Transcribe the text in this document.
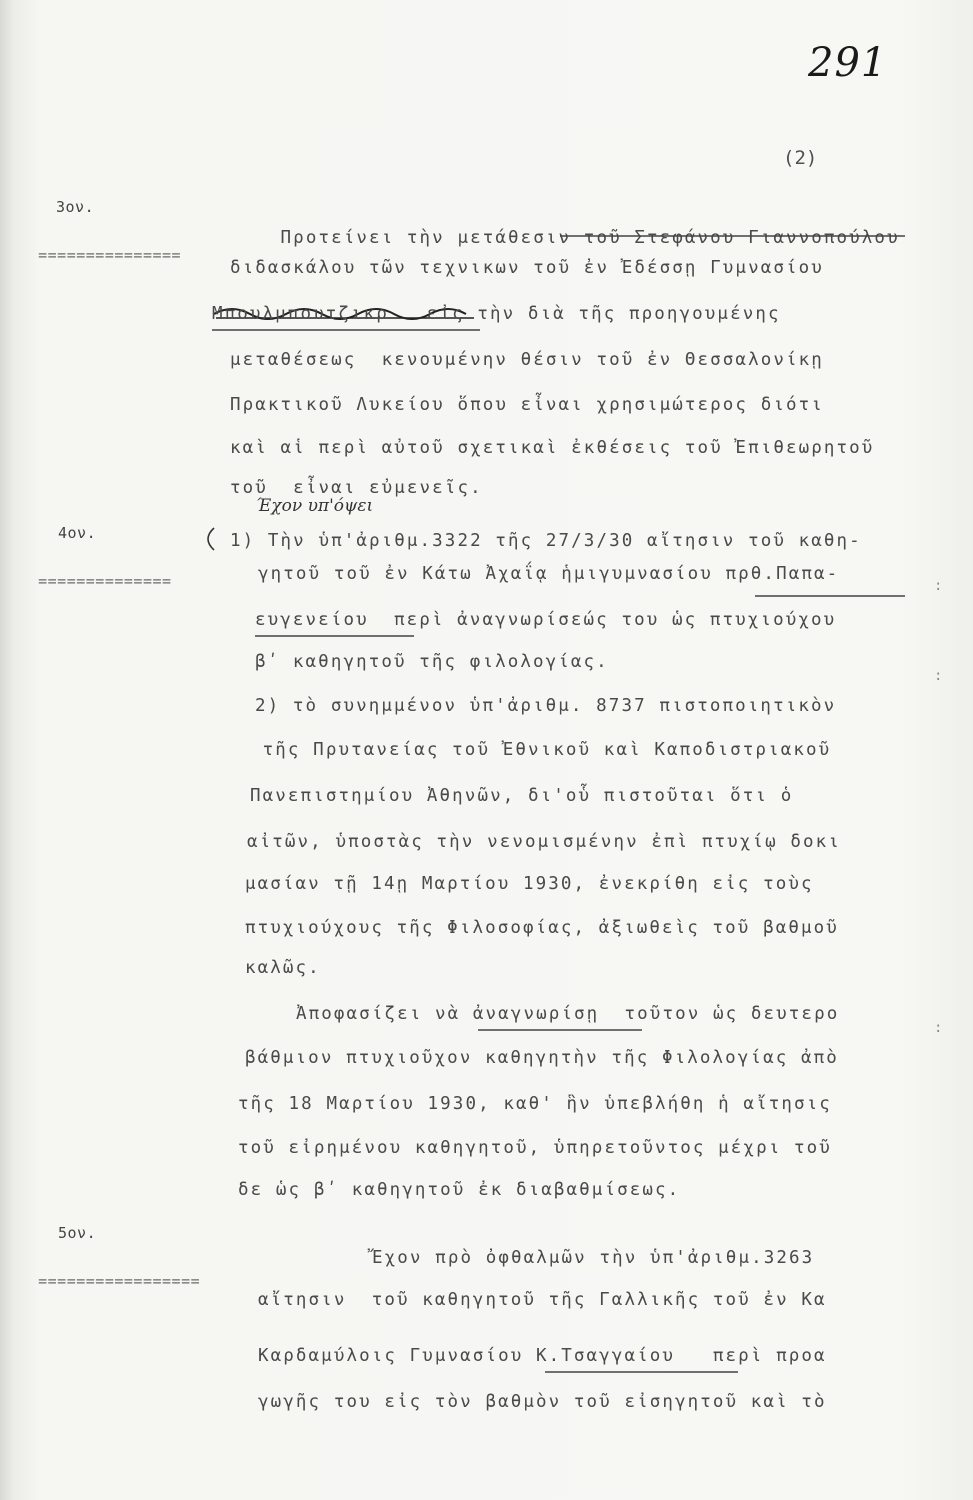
291
(2)

3ον.

===============

4ον.

==============

5ον.

=================

Έχον υπ'όψει

Προτείνει τὴν μετάθεσιν τοῦ Στεφάνου Γιαννοπούλου

διδασκάλου τῶν τεχνικων τοῦ ἐν Ἐδέσσῃ Γυμνασίου
Μπουλμπουτζικρ   εἰς τὴν διὰ τῆς προηγουμένης
μεταθέσεως  κενουμένην θέσιν τοῦ ἐν Θεσσαλονίκῃ
Πρακτικοῦ Λυκείου ὅπου εἶναι χρησιμώτερος διότι
καὶ αἱ περὶ αὐτοῦ σχετικαὶ ἐκθέσεις τοῦ Ἐπιθεωρητοῦ
τοῦ  εἶναι εὐμενεῖς.
1) Τὴν ὑπ'ἀριθμ.3322 τῆς 27/3/30 αἴτησιν τοῦ καθη-
γητοῦ τοῦ ἐν Κάτω Ἀχαΐᾳ ἡμιγυμνασίου πρθ.Παπα-
ευγενείου  περὶ ἀναγνωρίσεώς του ὡς πτυχιούχου
βʹ καθηγητοῦ τῆς φιλολογίας.
2) τὸ συνημμένον ὑπ'ἀριθμ. 8737 πιστοποιητικὸν
τῆς Πρυτανείας τοῦ Ἐθνικοῦ καὶ Καποδιστριακοῦ
Πανεπιστημίου Ἀθηνῶν, δι'οὗ πιστοῦται ὅτι ὁ
αἰτῶν, ὑποστὰς τὴν νενομισμένην ἐπὶ πτυχίῳ δοκι
μασίαν τῇ 14ῃ Μαρτίου 1930, ἐνεκρίθη εἰς τοὺς
πτυχιούχους τῆς Φιλοσοφίας, ἀξιωθεὶς τοῦ βαθμοῦ
καλῶς.
Ἀποφασίζει νὰ ἀναγνωρίσῃ  τοῦτον ὡς δευτερο
βάθμιον πτυχιοῦχον καθηγητὴν τῆς Φιλολογίας ἀπὸ
τῆς 18 Μαρτίου 1930, καθ' ἣν ὑπεβλήθη ἡ αἴτησις
τοῦ εἰρημένου καθηγητοῦ, ὑπηρετοῦντος μέχρι τοῦ
δε ὡς βʹ καθηγητοῦ ἐκ διαβαθμίσεως.
Ἔχον πρὸ ὀφθαλμῶν τὴν ὑπ'ἀριθμ.3263
αἴτησιν  τοῦ καθηγητοῦ τῆς Γαλλικῆς τοῦ ἐν Κα
Καρδαμύλοις Γυμνασίου Κ.Τσαγγαίου   περὶ προα
γωγῆς του εἰς τὸν βαθμὸν τοῦ εἰσηγητοῦ καὶ τὸ
:
:
:
